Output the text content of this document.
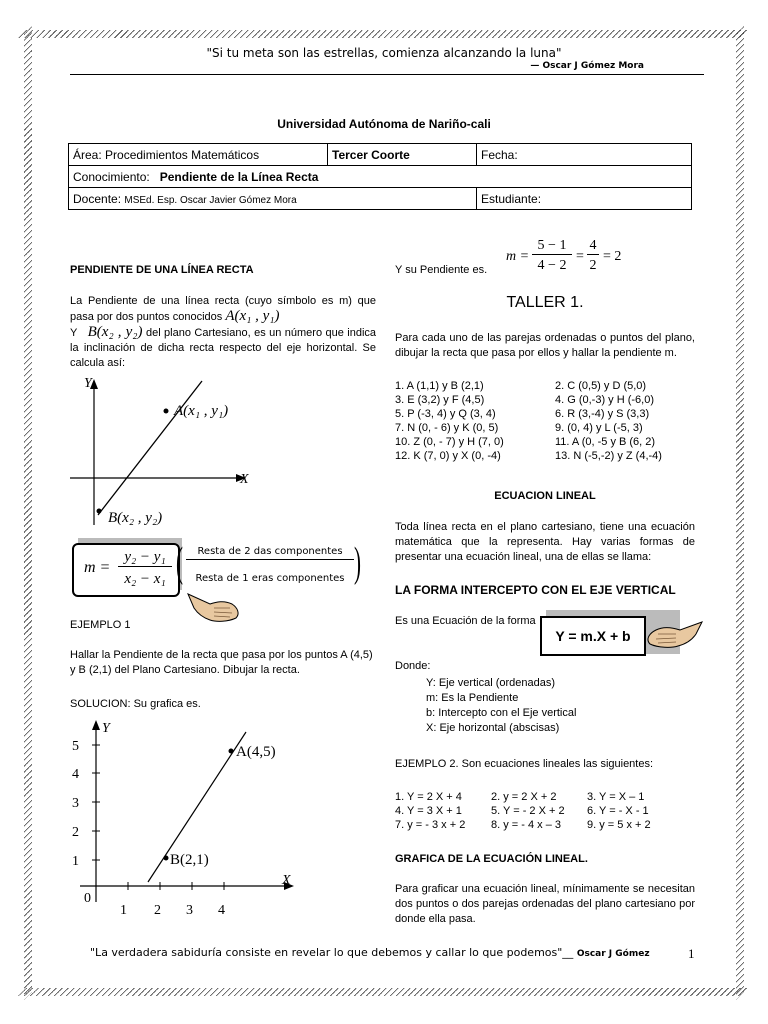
"Si tu meta son las estrellas, comienza alcanzando la luna"
— Oscar J Gómez Mora
Universidad Autónoma de Nariño-cali
Área: Procedimientos Matemáticos	Tercer Coorte	Fecha:
Conocimiento: Pendiente de la Línea Recta		
Docente: MSEd. Esp. Oscar Javier Gómez Mora		Estudiante:
PENDIENTE DE UNA LÍNEA RECTA
La Pendiente de una línea recta (cuyo símbolo es m) que pasa por dos puntos conocidos A(x₁ , y₁)
Y B(x₂ , y₂) del plano Cartesiano, es un número que indica la inclinación de dicha recta respecto del eje horizontal. Se calcula así:
Y
X
A(x₁ , y₁)
B(x₂ , y₂)
m =
y₂ − y₁
x₂ − x₁ (	Resta de 2 das componentes
Resta de 1 eras componentes )
EJEMPLO 1
Hallar la Pendiente de la recta que pasa por los puntos A (4,5) y B (2,1) del Plano Cartesiano. Dibujar la recta.
SOLUCION: Su grafica es.
1
2
3
4
5
0
1 2 3 4
Y
X
A(4,5)
B(2,1)
Y su Pendiente es.
m =
5 − 1
4 − 2
=
4
2
= 2
TALLER 1.
Para cada uno de las parejas ordenadas o puntos del plano, dibujar la recta que pasa por ellos y hallar la pendiente m.
1. A (1,1) y B (2,1)	2. C (0,5) y D (5,0)
3. E (3,2) y F (4,5)	4. G (0,-3) y H (-6,0)
5. P (-3, 4) y Q (3, 4)	6. R (3,-4) y S (3,3)
7. N (0, - 6) y K (0, 5)	9. (0, 4) y L (-5, 3)
10. Z (0, - 7) y H (7, 0)	11. A (0, -5 y B (6, 2)
12. K (7, 0) y X (0, -4)	13. N (-5,-2) y Z (4,-4)
ECUACION LINEAL
Toda línea recta en el plano cartesiano, tiene una ecuación matemática que la representa. Hay varias formas de presentar una ecuación lineal, una de ellas se llama:
LA FORMA INTERCEPTO CON EL EJE VERTICAL
Es una Ecuación de la forma
Y = m.X + b
Donde:
Y: Eje vertical (ordenadas)
m: Es la Pendiente
b: Intercepto con el Eje vertical
X: Eje horizontal (abscisas)
EJEMPLO 2. Son ecuaciones lineales las siguientes:
1. Y = 2 X + 4	2. y = 2 X + 2	3. Y = X – 1
4. Y = 3 X + 1	5. Y = - 2 X + 2	6. Y = - X - 1
7. y = - 3 x + 2	8. y = - 4 x – 3	9. y = 5 x + 2
GRAFICA DE LA ECUACIÓN LINEAL.
Para graficar una ecuación lineal, mínimamente se necesitan dos puntos o dos parejas ordenadas del plano cartesiano por donde ella pasa.
"La verdadera sabiduría consiste en revelar lo que debemos y callar lo que podemos"__ Oscar J Gómez	1
